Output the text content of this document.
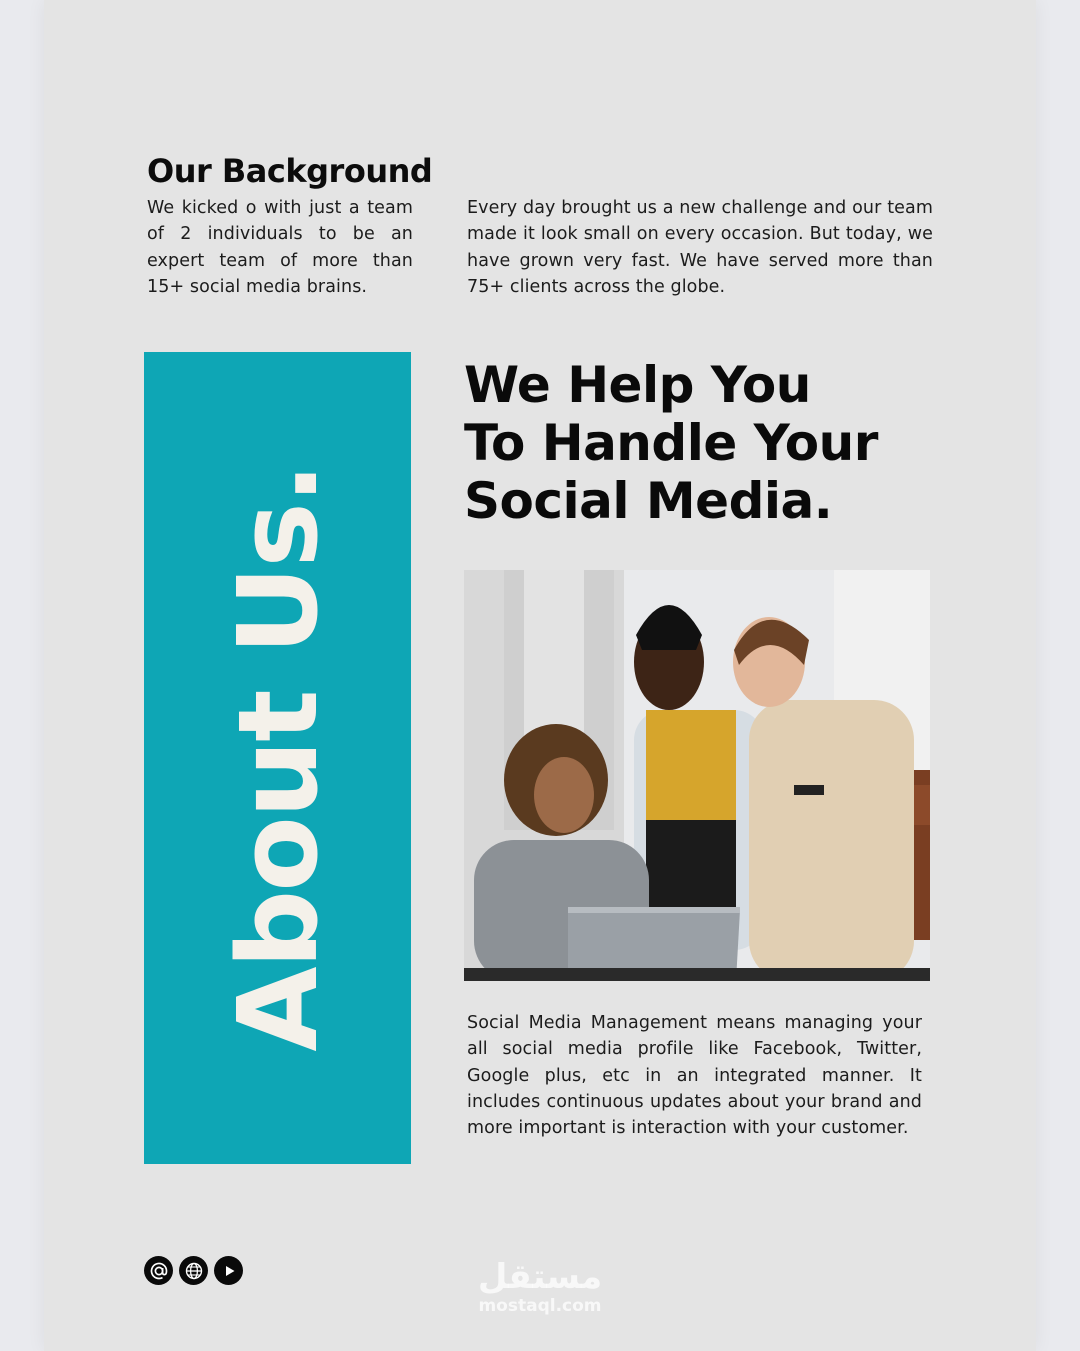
Our Background

We kicked o with just a team of 2 individuals to be an expert team of more than 15+ social media brains.

Every day brought us a new challenge and our team made it look small on every occasion. But today, we have grown very fast. We have served more than 75+ clients across the globe.

About Us.
We Help You
To Handle Your
Social Media.

Social Media Management means managing your all social media profile like Facebook, Twitter, Google plus, etc in an integrated manner. It includes continuous updates about your brand and more important is interaction with your customer.

مستقل
mostaql.com
